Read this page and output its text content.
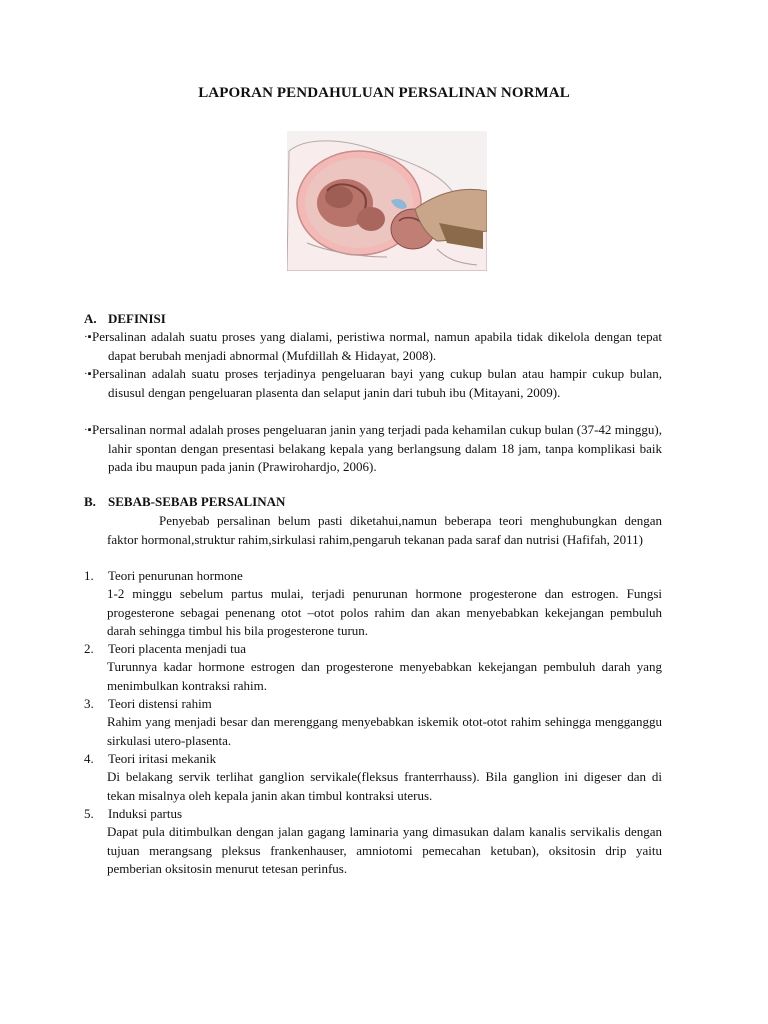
LAPORAN PENDAHULUAN PERSALINAN NORMAL
A. DEFINISI
·▪ Persalinan adalah suatu proses yang dialami, peristiwa normal, namun apabila tidak dikelola dengan tepat dapat berubah menjadi abnormal (Mufdillah & Hidayat, 2008).
·▪ Persalinan adalah suatu proses terjadinya pengeluaran bayi yang cukup bulan atau hampir cukup bulan, disusul dengan pengeluaran plasenta dan selaput janin dari tubuh ibu (Mitayani, 2009).
·▪ Persalinan normal adalah proses pengeluaran janin yang terjadi pada kehamilan cukup bulan (37-42 minggu), lahir spontan dengan presentasi belakang kepala yang berlangsung dalam 18 jam, tanpa komplikasi baik pada ibu maupun pada janin (Prawirohardjo, 2006).
B. SEBAB-SEBAB PERSALINAN
Penyebab persalinan belum pasti diketahui,namun beberapa teori menghubungkan dengan faktor hormonal,struktur rahim,sirkulasi rahim,pengaruh tekanan pada saraf dan nutrisi (Hafifah, 2011)
1. Teori penurunan hormone
1-2 minggu sebelum partus mulai, terjadi penurunan hormone progesterone dan estrogen. Fungsi progesterone sebagai penenang otot –otot polos rahim dan akan menyebabkan kekejangan pembuluh darah sehingga timbul his bila progesterone turun.
2. Teori placenta menjadi tua
Turunnya kadar hormone estrogen dan progesterone menyebabkan kekejangan pembuluh darah yang menimbulkan kontraksi rahim.
3. Teori distensi rahim
Rahim yang menjadi besar dan merenggang menyebabkan iskemik otot-otot rahim sehingga mengganggu sirkulasi utero-plasenta.
4. Teori iritasi mekanik
Di belakang servik terlihat ganglion servikale(fleksus franterrhauss). Bila ganglion ini digeser dan di tekan misalnya oleh kepala janin akan timbul kontraksi uterus.
5. Induksi partus
Dapat pula ditimbulkan dengan jalan gagang laminaria yang dimasukan dalam kanalis servikalis dengan tujuan merangsang pleksus frankenhauser, amniotomi pemecahan ketuban), oksitosin drip yaitu pemberian oksitosin menurut tetesan perinfus.
